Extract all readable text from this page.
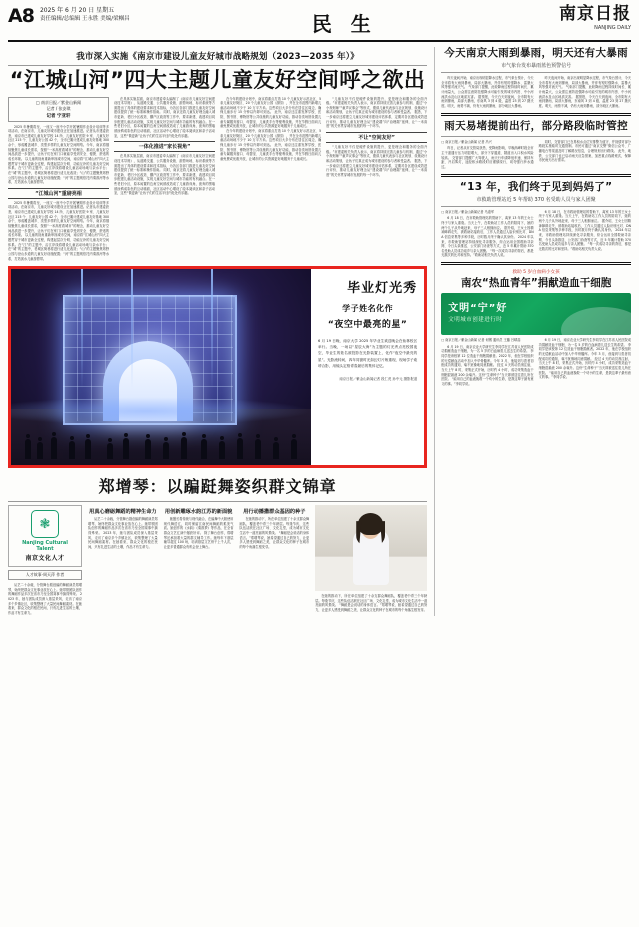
A8 2025 年 6 月 20 日 星期五
责任编辑/总编辑 王永胜 美编/梁帼昌	民 生	南京日报
NANJING DAILY
我市深入实施《南京市建设儿童友好城市战略规划（2023—2035 年）》
“江城山河”四大主题儿童友好空间呼之欲出
□ 南京日报／紫金山新闻
记者 / 张安琪
记者 宁亚轩
2025 年暑期将至，一座又一座中小学开展暑期作业设计培训等多项活动，在南京市，儿童友好城市建设正在加速推进。记者从市建委获悉，南京市已建成儿童友好学校 14 所、儿童友好医院 9 家、儿童友好社区 215 个、儿童友好公园 42 个，全市已累计建成儿童友好基地 300 余个，形成覆盖城乡、类型多样的儿童友好空间网络。今年，南京将继续聚焦儿童成长需求，按照“一米高度看城市”的理念，推动儿童友好空间品质进一步提升，让孩子们在家门口就能享受到安全、便捷、舒适的成长环境。 以儿童的视角重新审视城市空间，南京将“江城山河”四大主题贯穿于城市更新全过程，构建起层次分明、功能互补的儿童友好空间体系。在“江”的主题中，沿江岸线将增设儿童活动场地与亲水平台；在“城”的主题中，老城区街巷将进行适儿化改造；“山”的主题聚焦郊野公园与登山步道的儿童友好设施配置；“河”的主题则依托内秦淮河等水系，打造滨水儿童游憩带。
“江城山河”重磅亮相
2025 年暑期将至，一座又一座中小学开展暑期作业设计培训等多项活动，在南京市，儿童友好城市建设正在加速推进。记者从市建委获悉，南京市已建成儿童友好学校 14 所、儿童友好医院 9 家、儿童友好社区 215 个、儿童友好公园 42 个，全市已累计建成儿童友好基地 300 余个，形成覆盖城乡、类型多样的儿童友好空间网络。今年，南京将继续聚焦儿童成长需求，按照“一米高度看城市”的理念，推动儿童友好空间品质进一步提升，让孩子们在家门口就能享受到安全、便捷、舒适的成长环境。 以儿童的视角重新审视城市空间，南京将“江城山河”四大主题贯穿于城市更新全过程，构建起层次分明、功能互补的儿童友好空间体系。在“江”的主题中，沿江岸线将增设儿童活动场地与亲水平台；在“城”的主题中，老城区街巷将进行适儿化改造；“山”的主题聚焦郊野公园与登山步道的儿童友好设施配置；“河”的主题则依托内秦淮河等水系，打造滨水儿童游憩带。
在具体实施层面，南京市建委牵头编制了《南京市儿童友好空间建设技术导则》，从道路交通、公共服务设施、游憩场地、标识系统等方面提出了具体的建设要求和技术指标，为各区各部门推进儿童友好空间建设提供了统一标准和操作指南。 同时，南京还将儿童友好理念融入城市更新、老旧小区改造、棚户区改造等工作中，要求新建、改建项目同步配建儿童活动设施，实现儿童友好空间与城市功能的有机融合。在一些老旧小区，原本闲置的边角空间被改造成了儿童游戏角，废弃的围墙被涂鸦成彩色的互动墙面，社区活动中心增设了绘本阅读区和亲子活动室，这些“微更新”让孩子们的生活半径内处处有乐趣。
一体化推进“家长视角”
在具体实施层面，南京市建委牵头编制了《南京市儿童友好空间建设技术导则》，从道路交通、公共服务设施、游憩场地、标识系统等方面提出了具体的建设要求和技术指标，为各区各部门推进儿童友好空间建设提供了统一标准和操作指南。 同时，南京还将儿童友好理念融入城市更新、老旧小区改造、棚户区改造等工作中，要求新建、改建项目同步配建儿童活动设施，实现儿童友好空间与城市功能的有机融合。在一些老旧小区，原本闲置的边角空间被改造成了儿童游戏角，废弃的围墙被涂鸦成彩色的互动墙面，社区活动中心增设了绘本阅读区和亲子活动室，这些“微更新”让孩子们的生活半径内处处有乐趣。
在今年的建设计划中，南京将重点打造 10 个儿童友好示范社区、5 条儿童友好街区、20 个儿童友好公园（游园），并在全市范围内新增儿童活动场地不少于 10 万平方米。这些项目大多分布在居住区周边，确保儿童步行 15 分钟以内即可到达。 此外，南京还注重发挥学校、医院、图书馆、博物馆等公共设施的儿童友好功能，推动各类场馆设置儿童专属服务窗口、母婴室、儿童洗手台等便利设施，并在节假日面向儿童免费或优惠开放，让城市的公共资源更好地服务于儿童成长。
在今年的建设计划中，南京将重点打造 10 个儿童友好示范社区、5 条儿童友好街区、20 个儿童友好公园（游园），并在全市范围内新增儿童活动场地不少于 10 万平方米。这些项目大多分布在居住区周边，确保儿童步行 15 分钟以内即可到达。 此外，南京还注重发挥学校、医院、图书馆、博物馆等公共设施的儿童友好功能，推动各类场馆设置儿童专属服务窗口、母婴室、儿童洗手台等便利设施，并在节假日面向儿童免费或优惠开放，让城市的公共资源更好地服务于儿童成长。
“儿童友好不仅是硬件设施的提升，更是理念和服务的全面升级。”市建委相关负责人表示，南京将持续完善儿童参与机制，通过“小小规划师”“童声议事会”等形式，邀请儿童代表参与社区规划、设施设计和活动策划，让孩子们真正成为城市建设的参与者和受益者。 据悉，下一步南京还将建立儿童友好城市建设评估体系，定期对各区建设成效进行评价，推动儿童友好理念从“建设端”向“治理端”延伸，让“一米高度”的关怀贯穿城市发展的每一个环节。
不让“空间友好”
“儿童友好不仅是硬件设施的提升，更是理念和服务的全面升级。”市建委相关负责人表示，南京将持续完善儿童参与机制，通过“小小规划师”“童声议事会”等形式，邀请儿童代表参与社区规划、设施设计和活动策划，让孩子们真正成为城市建设的参与者和受益者。 据悉，下一步南京还将建立儿童友好城市建设评估体系，定期对各区建设成效进行评价，推动儿童友好理念从“建设端”向“治理端”延伸，让“一米高度”的关怀贯穿城市发展的每一个环节。
毕业灯光秀
学子姓名化作
“夜空中最亮的星”
6 月 19 日晚，南京大学 2025 年毕业生欢送晚会在仙林校区举行。当晚，一场以“星辰大海”为主题的灯光秀点亮校园夜空，毕业生的姓名被投影在光影装置上，化作“夜空中最亮的星”。光影流转间，四年同窗时光如幻灯片般重现，现场学子欢呼合影，用镜头定格青春最后的集体记忆。
南京日报／紫金山新闻记者 段仁虎 孙中元 摄影报道
郑增琴：以蹁跹舞姿织群文锦章
❃
Nanjing Cultural Talent
南京文化人才
人才故事·周天萍 作者
从艺二十余载，分管舞台剧创编的舞蹈演员郑增琴，始终把群众文化事业放在心上。她带领团队创作的舞蹈作品多次在省市乃至全国赛事中摘得殊荣。 2023 年，她与团队成员深入基层采风，走访了南京多个乡镇社区，收集整理了大量民间舞蹈素材。在她看来，群众文化的根在民间，只有扎进生活的土壤，作品才有生命力。
用真心磨砺舞蹈的精神生命力
从艺二十余载，分管舞台剧创编的舞蹈演员郑增琴，始终把群众文化事业放在心上。她带领团队创作的舞蹈作品多次在省市乃至全国赛事中摘得殊荣。 2023 年，她与团队成员深入基层采风，走访了南京多个乡镇社区，收集整理了大量民间舞蹈素材。在她看来，群众文化的根在民间，只有扎进生活的土壤，作品才有生命力。
用创新雕琢水韵江苏的新面貌
她擅长将传统与现代融合，在编舞中大胆使用现代舞语汇，同时保留江南民间舞蹈的柔美气质。她创作的《水韵》《秦淮梦》等作品，在全省群众文艺汇演中屡获好评。 除了舞台创作，郑增琴还承担着大量的群文辅导工作。她每年下基层辅导超过 100 场，培训基层文艺骨干上千人次，让更多普通群众有机会登上舞台。
用行动播撒群众基因的种子
在她的推动下，所在单位组建了十余支群众舞蹈队，覆盖老中青三个年龄层。每逢节庆，这些队伍活跃在社区广场、文化礼堂，成为城市文化生活中一道亮丽的风景线。 “舞蹈是会说话的身体语言。”郑增琴说，她希望通过自己的努力，让更多人感受到舞蹈之美，让群众文化的种子在城市的每个角落生根发芽。
在她的推动下，所在单位组建了十余支群众舞蹈队，覆盖老中青三个年龄层。每逢节庆，这些队伍活跃在社区广场、文化礼堂，成为城市文化生活中一道亮丽的风景线。 “舞蹈是会说话的身体语言。”郑增琴说，她希望通过自己的努力，让更多人感受到舞蹈之美，让群众文化的种子在城市的每个角落生根发芽。
今天南京大雨到暴雨，明天还有大暴雨
市气象台发布暴雨蓝色预警信号
昨天夜间开始，南京出现明显降水过程，市气象台预计，今天全市将有大雨到暴雨，局部大暴雨，并伴有短时强降水、雷暴大风等强对流天气。 气象部门提醒，此轮降雨过程持续时间长、累计雨量大，公众需注意防范强降水可能引发的城市内涝、中小河流洪水及山区地质灾害。 据预报，今天白天到夜间，全市阴有大雨到暴雨，局部大暴雨，东南风 3 到 4 级，温度 23 到 27 摄氏度。明天，雨势不减，仍有大雨到暴雨，部分地区大暴雨。
昨天夜间开始，南京出现明显降水过程，市气象台预计，今天全市将有大雨到暴雨，局部大暴雨，并伴有短时强降水、雷暴大风等强对流天气。 气象部门提醒，此轮降雨过程持续时间长、累计雨量大，公众需注意防范强降水可能引发的城市内涝、中小河流洪水及山区地质灾害。 据预报，今天白天到夜间，全市阴有大雨到暴雨，局部大暴雨，东南风 3 到 4 级，温度 23 到 27 摄氏度。明天，雨势不减，仍有大雨到暴雨，部分地区大暴雨。
雨天易堵提前出行，部分路段临时管控
□ 南京日报／紫金山新闻 记者 冯兴
昨日，记者从市交管局获悉，受降雨影响，早晚高峰时段全市主干道通行压力明显增大，部分下穿通道、隧道出入口积水风险较高。 交管部门提醒广大驾驶人，雨天行车请降低车速、保持车距、开启雾灯，途经积水路段时应谨慎绕行，切勿强行涉水通过。
同时，交管部门已在易积水点位安排警力值守，并视情对部分路段实施临时交通管制。市民可通过“南京交警”微信公众号、广播电台等渠道及时了解路况信息，合理规划出行路线。 此外，地铁、公交部门也已启动雨天应急预案，加密重点线路班次，保障市民雨天出行需求。
“13 年，我们终于见到妈妈了”
市救助管理站近 5 年帮助 370 名受助人员与家人团聚
□ 南京日报／紫金山新闻记者 马道军
6 月 18 日，在市救助管理站的帮助下，离家 13 年的王女士终于与家人重逢。当天上午，在救助站工作人员的陪同下，她的两个儿子从外地赶来，母子三人相拥而泣。 据介绍，王女士因精神障碍走失，被救助站接收后，工作人员通过人脸识别比对、DNA 信息采集等多种手段，历时数月终于确认其身份。 2024 年以来，市救助管理站持续深化寻亲服务，综合运用全国救助寻亲网、今日头条推送、公安部门协查等方式，近 5 年累计帮助 370 名受助人员成功返乡与亲人团聚。 “每一次成功寻亲的背后，都是无数次的比对和坚持。”救助站相关负责人说。
6 月 18 日，在市救助管理站的帮助下，离家 13 年的王女士终于与家人重逢。当天上午，在救助站工作人员的陪同下，她的两个儿子从外地赶来，母子三人相拥而泣。 据介绍，王女士因精神障碍走失，被救助站接收后，工作人员通过人脸识别比对、DNA 信息采集等多种手段，历时数月终于确认其身份。 2024 年以来，市救助管理站持续深化寻亲服务，综合运用全国救助寻亲网、今日头条推送、公安部门协查等方式，近 5 年累计帮助 370 名受助人员成功返乡与亲人团聚。 “每一次成功寻亲的背后，都是无数次的比对和坚持。”救助站相关负责人说。
救助 5 岁白血病小女孩
南农“热血青年”捐献造血干细胞
文明“宁”好
文明城市创建进行时
□ 南京日报／紫金山新闻 记者 何钢 通讯员 王璐 吕晴喆
6 月 19 日，南京农业大学研究生李同学在江苏省人民医院成功捐献造血干细胞，为一名 5 岁的白血病患儿送去生的希望。 李同学是该校第 12 位造血干细胞捐献者。2022 年，他在学校组织的无偿献血活动中加入中华骨髓库。今年 3 月，他接到与患者初配成功的通知，毫不犹豫地同意捐献。 经过 4 天的动员剂注射，当天上午 8 时，采集正式开始，历时约 4 小时，成功采集造血干细胞混悬液 200 余毫升。这份“生命种子”当天即被送往患儿所在医院。 “能用自己的血液挽救一个幼小的生命，是我这辈子最有意义的事。”李同学说。
6 月 19 日，南京农业大学研究生李同学在江苏省人民医院成功捐献造血干细胞，为一名 5 岁的白血病患儿送去生的希望。 李同学是该校第 12 位造血干细胞捐献者。2022 年，他在学校组织的无偿献血活动中加入中华骨髓库。今年 3 月，他接到与患者初配成功的通知，毫不犹豫地同意捐献。 经过 4 天的动员剂注射，当天上午 8 时，采集正式开始，历时约 4 小时，成功采集造血干细胞混悬液 200 余毫升。这份“生命种子”当天即被送往患儿所在医院。 “能用自己的血液挽救一个幼小的生命，是我这辈子最有意义的事。”李同学说。
